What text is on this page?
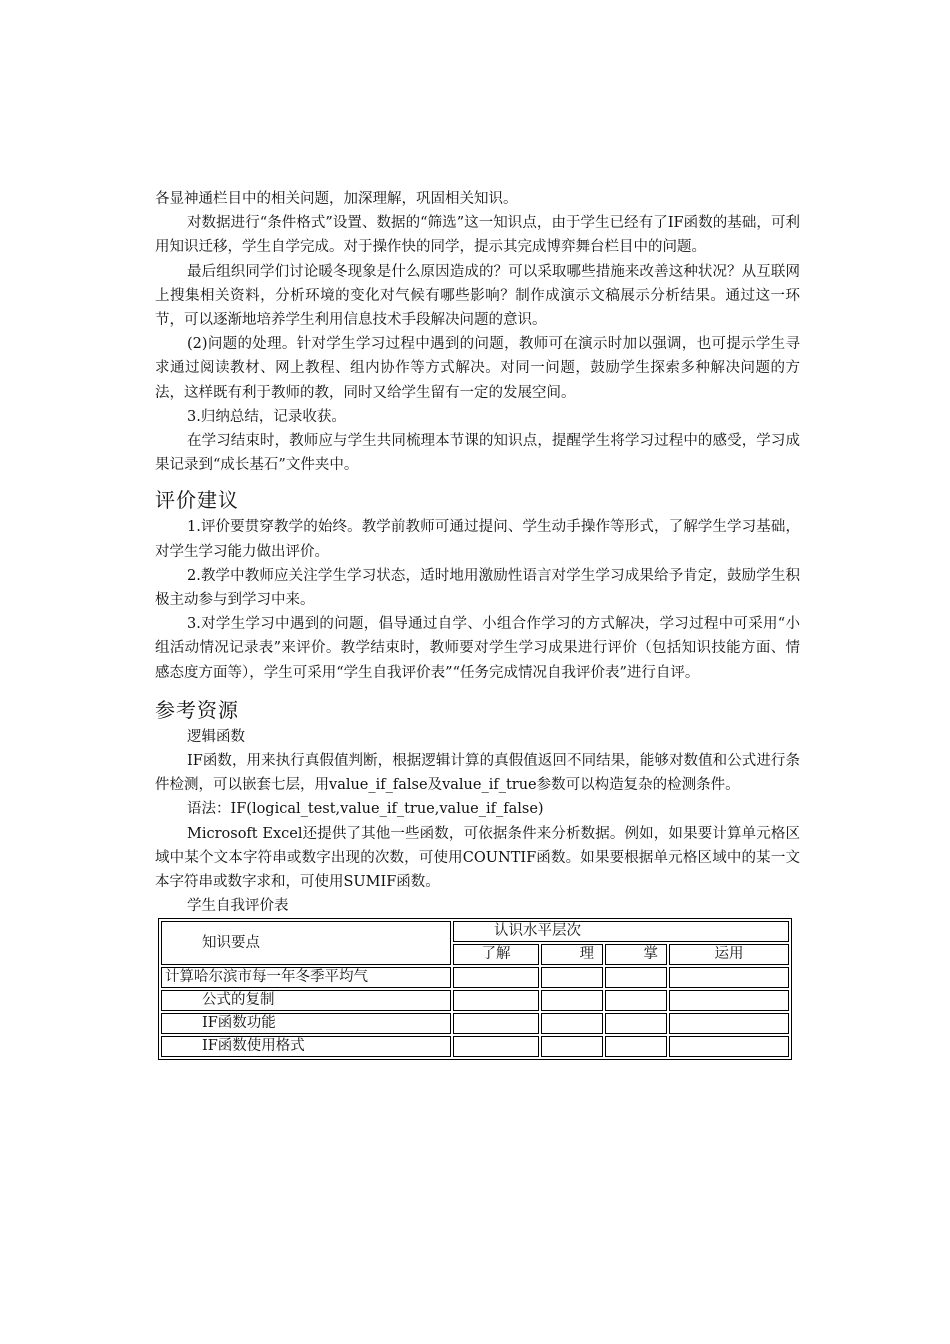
各显神通栏目中的相关问题，加深理解，巩固相关知识。

对数据进行“条件格式”设置、数据的“筛选”这一知识点，由于学生已经有了IF函数的基础，可利用知识迁移，学生自学完成。对于操作快的同学，提示其完成博弈舞台栏目中的问题。

最后组织同学们讨论暖冬现象是什么原因造成的？可以采取哪些措施来改善这种状况？从互联网上搜集相关资料，分析环境的变化对气候有哪些影响？制作成演示文稿展示分析结果。通过这一环节，可以逐渐地培养学生利用信息技术手段解决问题的意识。

(2)问题的处理。针对学生学习过程中遇到的问题，教师可在演示时加以强调，也可提示学生寻求通过阅读教材、网上教程、组内协作等方式解决。对同一问题，鼓励学生探索多种解决问题的方法，这样既有利于教师的教，同时又给学生留有一定的发展空间。

3.归纳总结，记录收获。

在学习结束时，教师应与学生共同梳理本节课的知识点，提醒学生将学习过程中的感受，学习成果记录到“成长基石”文件夹中。

评价建议

1.评价要贯穿教学的始终。教学前教师可通过提问、学生动手操作等形式，了解学生学习基础，对学生学习能力做出评价。

2.教学中教师应关注学生学习状态，适时地用激励性语言对学生学习成果给予肯定，鼓励学生积极主动参与到学习中来。

3.对学生学习中遇到的问题，倡导通过自学、小组合作学习的方式解决，学习过程中可采用“小组活动情况记录表”来评价。教学结束时，教师要对学生学习成果进行评价（包括知识技能方面、情感态度方面等），学生可采用“学生自我评价表”“任务完成情况自我评价表”进行自评。

参考资源

逻辑函数

IF函数，用来执行真假值判断，根据逻辑计算的真假值返回不同结果，能够对数值和公式进行条件检测，可以嵌套七层，用value_if_false及value_if_true参数可以构造复杂的检测条件。

语法：IF(logical_test,value_if_true,value_if_false)

Microsoft Excel还提供了其他一些函数，可依据条件来分析数据。例如，如果要计算单元格区域中某个文本字符串或数字出现的次数，可使用COUNTIF函数。如果要根据单元格区域中的某一文本字符串或数字求和，可使用SUMIF函数。

学生自我评价表

知识要点	认识水平层次			
	了解	理	掌	运用
计算哈尔滨市每一年冬季平均气				
公式的复制				
IF函数功能				
IF函数使用格式				
